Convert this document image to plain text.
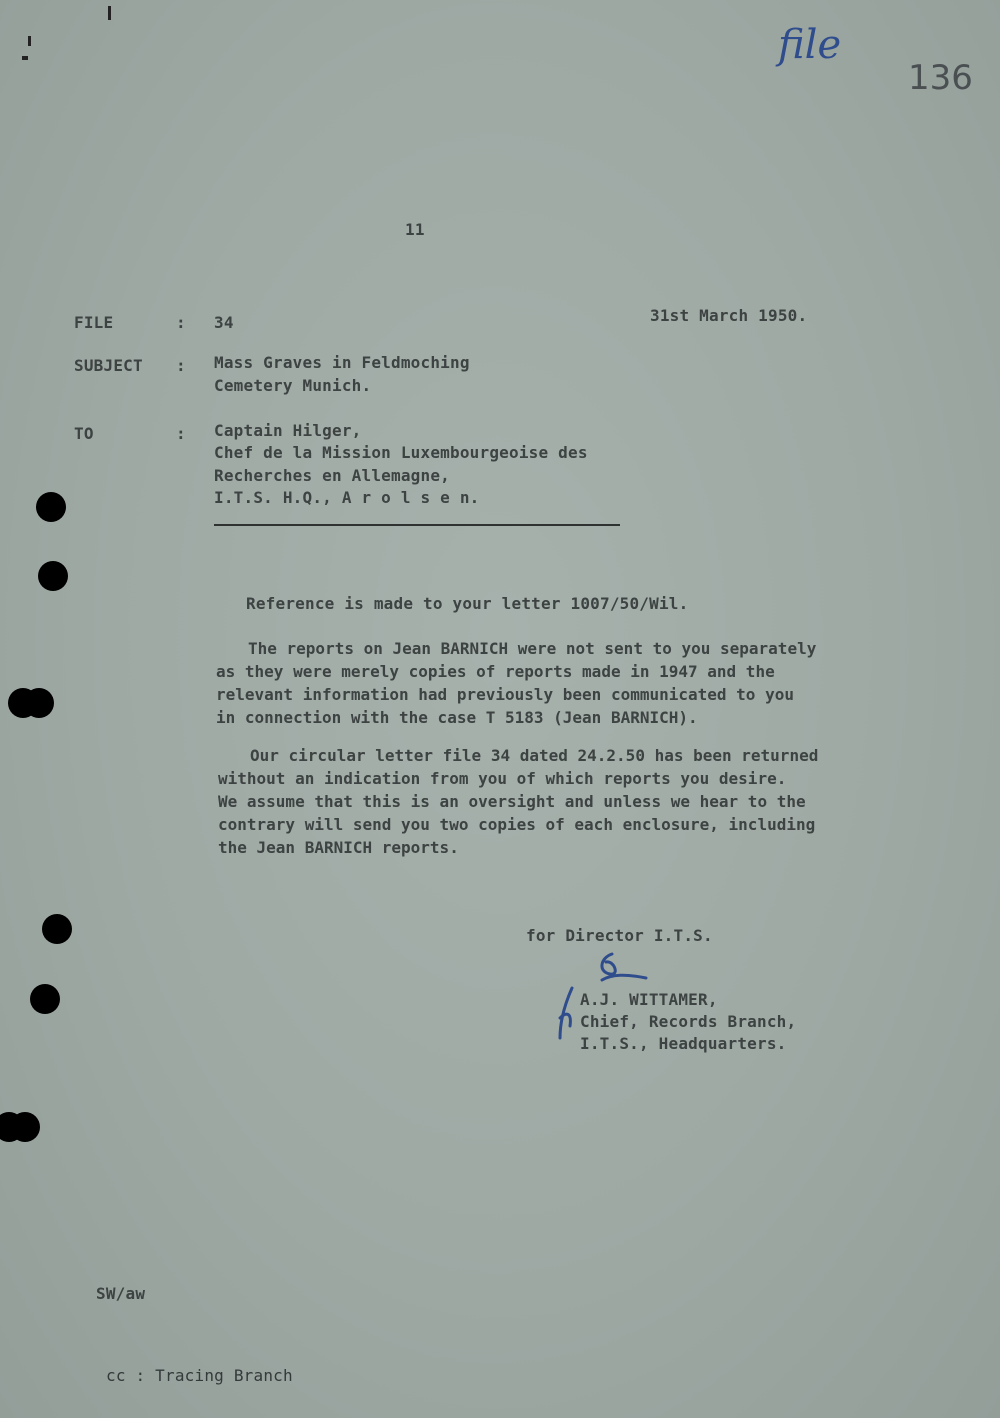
file
136
11
FILE	: 34	31st March 1950.
SUBJECT : Mass Graves in Feldmoching
Cemetery Munich.
TO	: Captain Hilger,
Chef de la Mission Luxembourgeoise des
Recherches en Allemagne,
I.T.S. H.Q., A r o l s e n.
Reference is made to your letter 1007/50/Wil.
The reports on Jean BARNICH were not sent to you separately
as they were merely copies of reports made in 1947 and the
relevant information had previously been communicated to you
in connection with the case T 5183 (Jean BARNICH).
Our circular letter file 34 dated 24.2.50 has been returned
without an indication from you of which reports you desire.
We assume that this is an oversight and unless we hear to the
contrary will send you two copies of each enclosure, including
the Jean BARNICH reports.
for Director I.T.S.
A.J. WITTAMER,
Chief, Records Branch,
I.T.S., Headquarters.
SW/aw
cc : Tracing Branch
